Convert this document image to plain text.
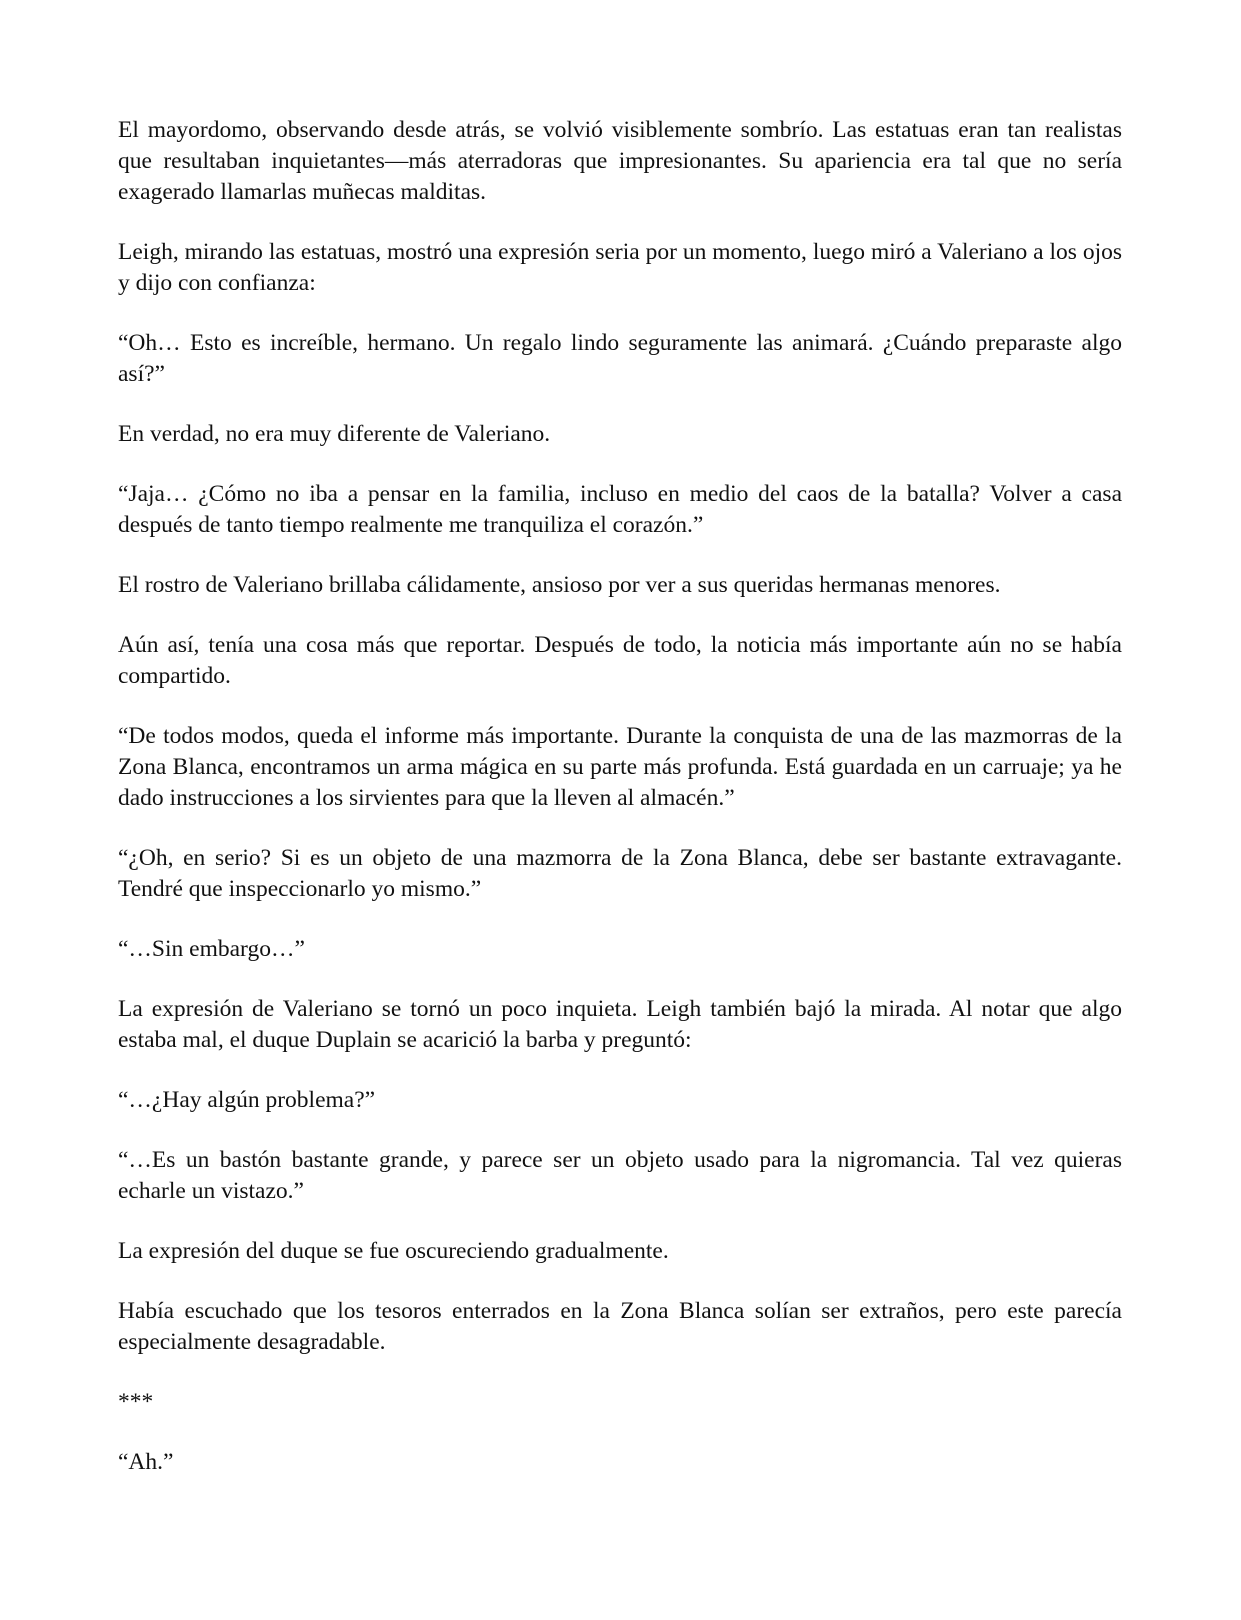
El mayordomo, observando desde atrás, se volvió visiblemente sombrío. Las estatuas eran tan realistas que resultaban inquietantes—más aterradoras que impresionantes. Su apariencia era tal que no sería exagerado llamarlas muñecas malditas.

Leigh, mirando las estatuas, mostró una expresión seria por un momento, luego miró a Valeriano a los ojos y dijo con confianza:

“Oh… Esto es increíble, hermano. Un regalo lindo seguramente las animará. ¿Cuándo preparaste algo así?”

En verdad, no era muy diferente de Valeriano.

“Jaja… ¿Cómo no iba a pensar en la familia, incluso en medio del caos de la batalla? Volver a casa después de tanto tiempo realmente me tranquiliza el corazón.”

El rostro de Valeriano brillaba cálidamente, ansioso por ver a sus queridas hermanas menores.

Aún así, tenía una cosa más que reportar. Después de todo, la noticia más importante aún no se había compartido.

“De todos modos, queda el informe más importante. Durante la conquista de una de las mazmorras de la Zona Blanca, encontramos un arma mágica en su parte más profunda. Está guardada en un carruaje; ya he dado instrucciones a los sirvientes para que la lleven al almacén.”

“¿Oh, en serio? Si es un objeto de una mazmorra de la Zona Blanca, debe ser bastante extravagante. Tendré que inspeccionarlo yo mismo.”

“…Sin embargo…”

La expresión de Valeriano se tornó un poco inquieta. Leigh también bajó la mirada. Al notar que algo estaba mal, el duque Duplain se acarició la barba y preguntó:

“…¿Hay algún problema?”

“…Es un bastón bastante grande, y parece ser un objeto usado para la nigromancia. Tal vez quieras echarle un vistazo.”

La expresión del duque se fue oscureciendo gradualmente.

Había escuchado que los tesoros enterrados en la Zona Blanca solían ser extraños, pero este parecía especialmente desagradable.

***

“Ah.”
